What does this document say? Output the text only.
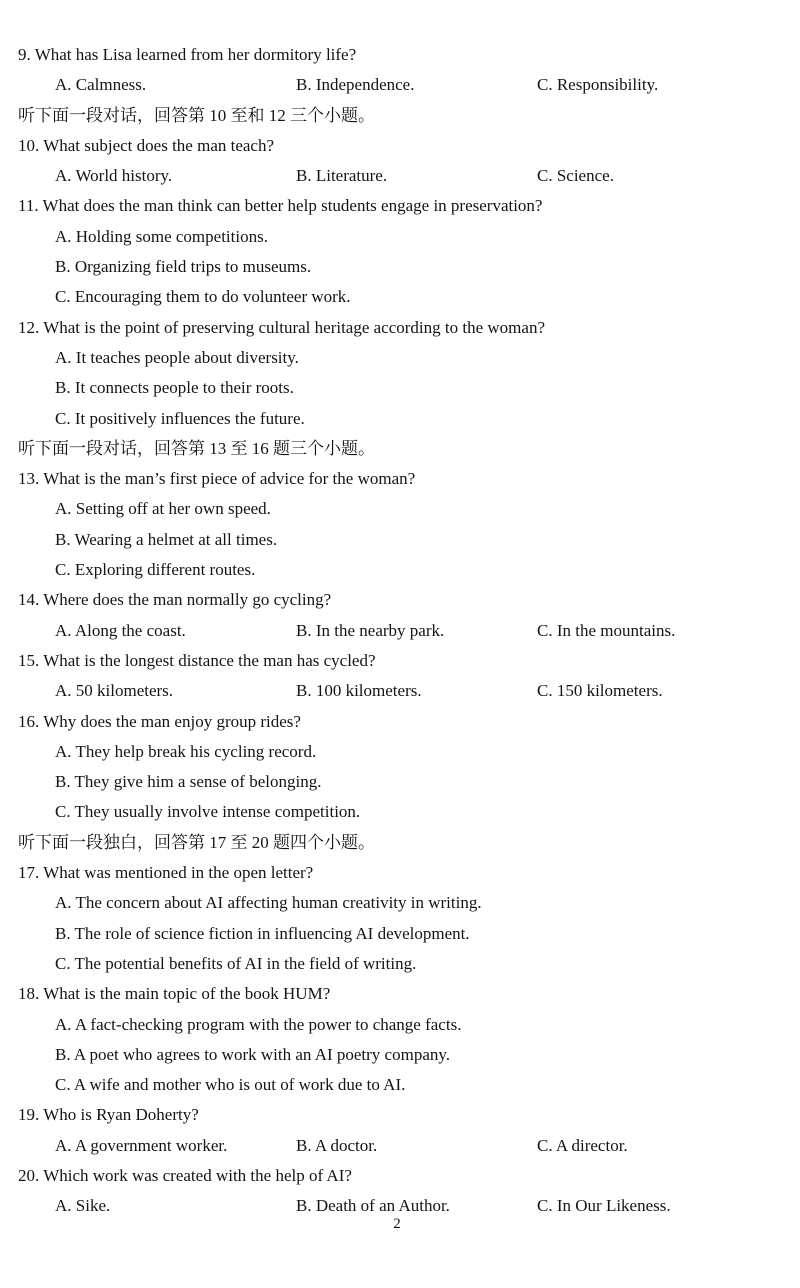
9. What has Lisa learned from her dormitory life?
A. Calmness.	B. Independence.	C. Responsibility.
听下面一段对话，回答第 10 至和 12 三个小题。
10. What subject does the man teach?
A. World history.	B. Literature.	C. Science.
11. What does the man think can better help students engage in preservation?
A. Holding some competitions.
B. Organizing field trips to museums.
C. Encouraging them to do volunteer work.
12. What is the point of preserving cultural heritage according to the woman?
A. It teaches people about diversity.
B. It connects people to their roots.
C. It positively influences the future.
听下面一段对话，回答第 13 至 16 题三个小题。
13. What is the man’s first piece of advice for the woman?
A. Setting off at her own speed.
B. Wearing a helmet at all times.
C. Exploring different routes.
14. Where does the man normally go cycling?
A. Along the coast.	B. In the nearby park.	C. In the mountains.
15. What is the longest distance the man has cycled?
A. 50 kilometers.	B. 100 kilometers.	C. 150 kilometers.
16. Why does the man enjoy group rides?
A. They help break his cycling record.
B. They give him a sense of belonging.
C. They usually involve intense competition.
听下面一段独白，回答第 17 至 20 题四个小题。
17. What was mentioned in the open letter?
A. The concern about AI affecting human creativity in writing.
B. The role of science fiction in influencing AI development.
C. The potential benefits of AI in the field of writing.
18. What is the main topic of the book HUM?
A. A fact-checking program with the power to change facts.
B. A poet who agrees to work with an AI poetry company.
C. A wife and mother who is out of work due to AI.
19. Who is Ryan Doherty?
A. A government worker.	B. A doctor.	C. A director.
20. Which work was created with the help of AI?
A. Sike.	B. Death of an Author.	C. In Our Likeness.
2
